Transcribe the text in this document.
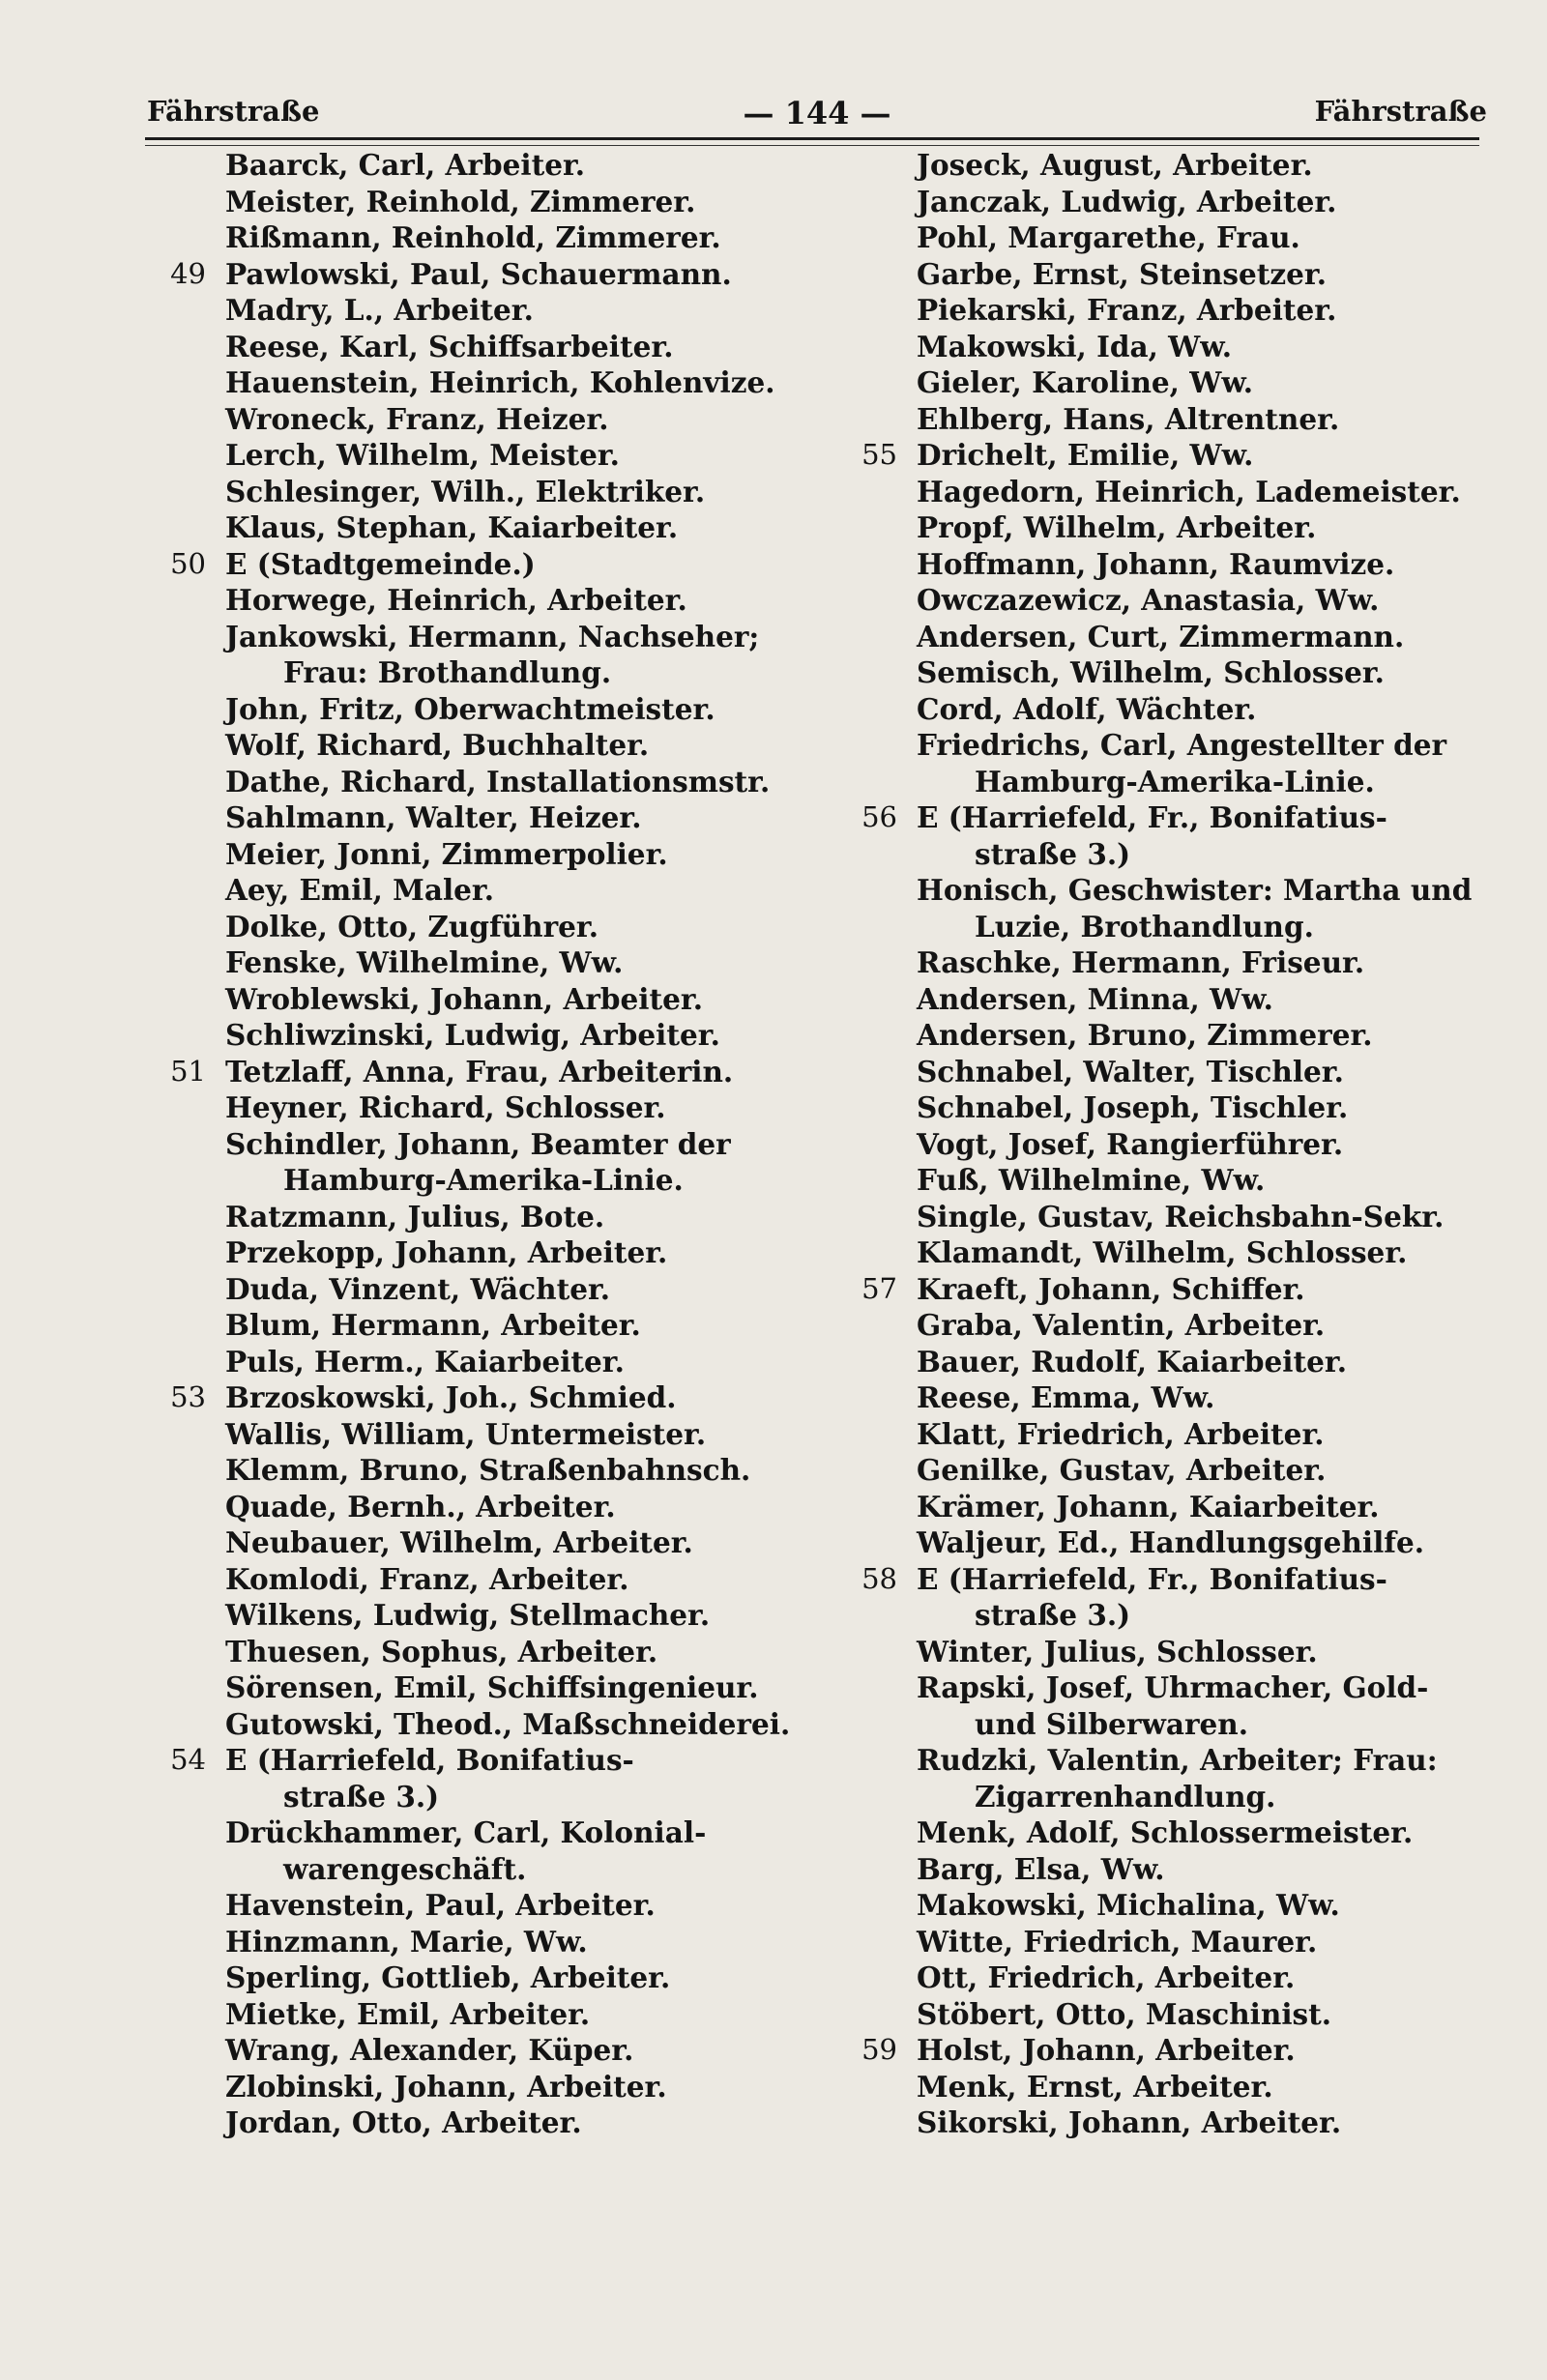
Fährstraße	— 144 —	Fährstraße
Baarck, Carl, Arbeiter.
Meister, Reinhold, Zimmerer.
Rißmann, Reinhold, Zimmerer.
49 Pawlowski, Paul, Schauermann.
Madry, L., Arbeiter.
Reese, Karl, Schiffsarbeiter.
Hauenstein, Heinrich, Kohlenvize.
Wroneck, Franz, Heizer.
Lerch, Wilhelm, Meister.
Schlesinger, Wilh., Elektriker.
Klaus, Stephan, Kaiarbeiter.
50 E (Stadtgemeinde.)
Horwege, Heinrich, Arbeiter.
Jankowski, Hermann, Nachseher;
Frau: Brothandlung.
John, Fritz, Oberwachtmeister.
Wolf, Richard, Buchhalter.
Dathe, Richard, Installationsmstr.
Sahlmann, Walter, Heizer.
Meier, Jonni, Zimmerpolier.
Aey, Emil, Maler.
Dolke, Otto, Zugführer.
Fenske, Wilhelmine, Ww.
Wroblewski, Johann, Arbeiter.
Schliwzinski, Ludwig, Arbeiter.
51 Tetzlaff, Anna, Frau, Arbeiterin.
Heyner, Richard, Schlosser.
Schindler, Johann, Beamter der
Hamburg-Amerika-Linie.
Ratzmann, Julius, Bote.
Przekopp, Johann, Arbeiter.
Duda, Vinzent, Wächter.
Blum, Hermann, Arbeiter.
Puls, Herm., Kaiarbeiter.
53 Brzoskowski, Joh., Schmied.
Wallis, William, Untermeister.
Klemm, Bruno, Straßenbahnsch.
Quade, Bernh., Arbeiter.
Neubauer, Wilhelm, Arbeiter.
Komlodi, Franz, Arbeiter.
Wilkens, Ludwig, Stellmacher.
Thuesen, Sophus, Arbeiter.
Sörensen, Emil, Schiffsingenieur.
Gutowski, Theod., Maßschneiderei.
54 E (Harriefeld, Bonifatius-
straße 3.)
Drückhammer, Carl, Kolonial-
warengeschäft.
Havenstein, Paul, Arbeiter.
Hinzmann, Marie, Ww.
Sperling, Gottlieb, Arbeiter.
Mietke, Emil, Arbeiter.
Wrang, Alexander, Küper.
Zlobinski, Johann, Arbeiter.
Jordan, Otto, Arbeiter.
Joseck, August, Arbeiter.
Janczak, Ludwig, Arbeiter.
Pohl, Margarethe, Frau.
Garbe, Ernst, Steinsetzer.
Piekarski, Franz, Arbeiter.
Makowski, Ida, Ww.
Gieler, Karoline, Ww.
Ehlberg, Hans, Altrentner.
55 Drichelt, Emilie, Ww.
Hagedorn, Heinrich, Lademeister.
Propf, Wilhelm, Arbeiter.
Hoffmann, Johann, Raumvize.
Owczazewicz, Anastasia, Ww.
Andersen, Curt, Zimmermann.
Semisch, Wilhelm, Schlosser.
Cord, Adolf, Wächter.
Friedrichs, Carl, Angestellter der
Hamburg-Amerika-Linie.
56 E (Harriefeld, Fr., Bonifatius-
straße 3.)
Honisch, Geschwister: Martha und
Luzie, Brothandlung.
Raschke, Hermann, Friseur.
Andersen, Minna, Ww.
Andersen, Bruno, Zimmerer.
Schnabel, Walter, Tischler.
Schnabel, Joseph, Tischler.
Vogt, Josef, Rangierführer.
Fuß, Wilhelmine, Ww.
Single, Gustav, Reichsbahn-Sekr.
Klamandt, Wilhelm, Schlosser.
57 Kraeft, Johann, Schiffer.
Graba, Valentin, Arbeiter.
Bauer, Rudolf, Kaiarbeiter.
Reese, Emma, Ww.
Klatt, Friedrich, Arbeiter.
Genilke, Gustav, Arbeiter.
Krämer, Johann, Kaiarbeiter.
Waljeur, Ed., Handlungsgehilfe.
58 E (Harriefeld, Fr., Bonifatius-
straße 3.)
Winter, Julius, Schlosser.
Rapski, Josef, Uhrmacher, Gold-
und Silberwaren.
Rudzki, Valentin, Arbeiter; Frau:
Zigarrenhandlung.
Menk, Adolf, Schlossermeister.
Barg, Elsa, Ww.
Makowski, Michalina, Ww.
Witte, Friedrich, Maurer.
Ott, Friedrich, Arbeiter.
Stöbert, Otto, Maschinist.
59 Holst, Johann, Arbeiter.
Menk, Ernst, Arbeiter.
Sikorski, Johann, Arbeiter.
